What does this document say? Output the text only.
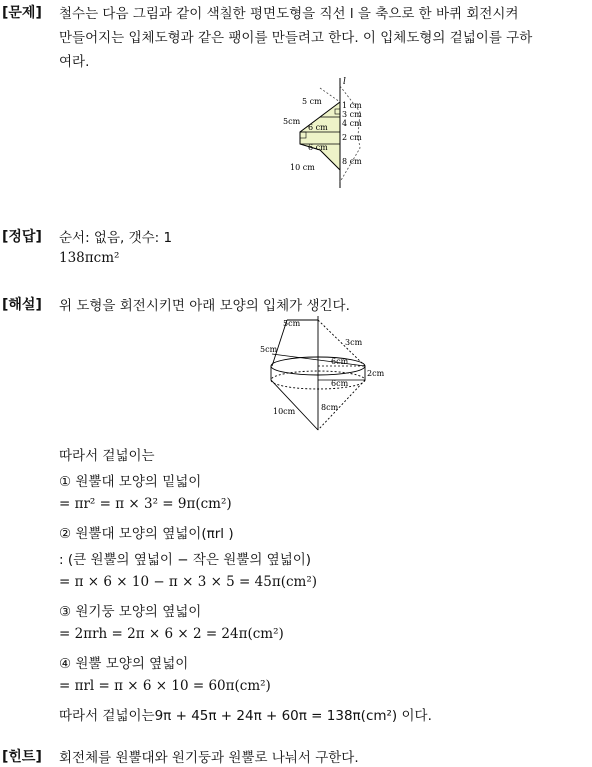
[문제] 철수는 다음 그림과 같이 색칠한 평면도형을 직선 l 을 축으로 한 바퀴 회전시켜
만들어지는 입체도형과 같은 팽이를 만들려고 한다. 이 입체도형의 겉넓이를 구하
여라.
l
5 cm	1 cm
3 cm
5cm	4 cm
6 cm
2 cm
6 cm
8 cm
10 cm
[정답] 순서: 없음, 갯수: 1
138πcm²
[해설] 위 도형을 회전시키면 아래 모양의 입체가 생긴다.
5cm
5cm
3cm
6cm
2cm
6cm
8cm
10cm
따라서 겉넓이는
① 원뿔대 모양의 밑넓이
= πr² = π × 3² = 9π(cm²)
② 원뿔대 모양의 옆넓이(πrl )
: (큰 원뿔의 옆넓이 − 작은 원뿔의 옆넓이)
= π × 6 × 10 − π × 3 × 5 = 45π(cm²)
③ 원기둥 모양의 옆넓이
= 2πrh = 2π × 6 × 2 = 24π(cm²)
④ 원뿔 모양의 옆넓이
= πrl = π × 6 × 10 = 60π(cm²)
따라서 겉넓이는9π + 45π + 24π + 60π = 138π(cm²) 이다.
[힌트] 회전체를 원뿔대와 원기둥과 원뿔로 나눠서 구한다.
